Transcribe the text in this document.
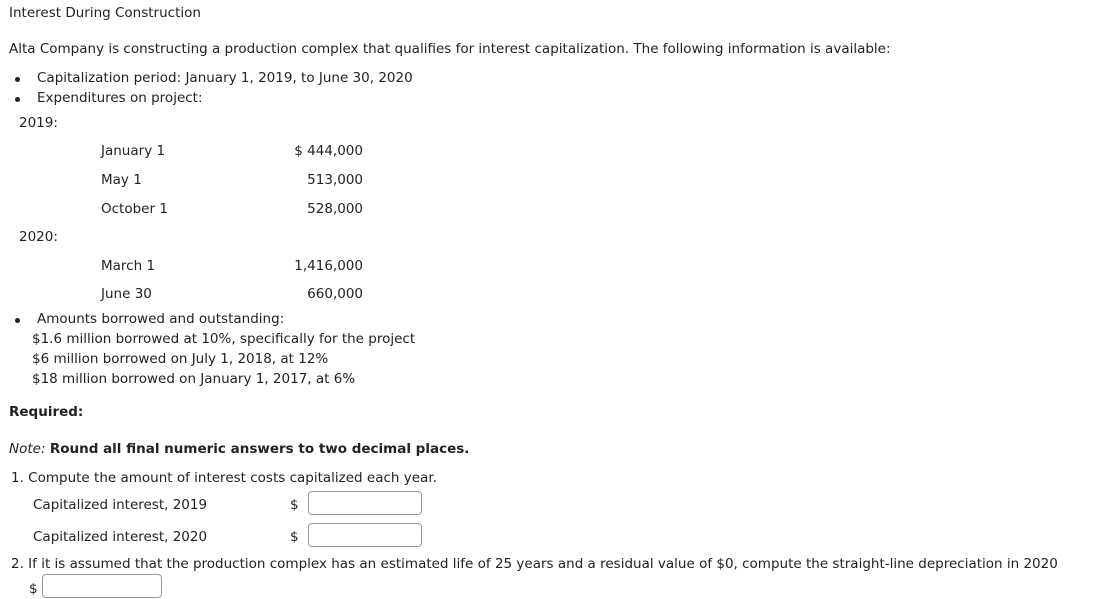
Interest During Construction
Alta Company is constructing a production complex that qualifies for interest capitalization. The following information is available:
Capitalization period: January 1, 2019, to June 30, 2020
Expenditures on project:
2019:
January 1	$ 444,000
May 1	513,000
October 1	528,000
2020:
March 1	1,416,000
June 30	660,000
Amounts borrowed and outstanding:
$1.6 million borrowed at 10%, specifically for the project
$6 million borrowed on July 1, 2018, at 12%
$18 million borrowed on January 1, 2017, at 6%
Required:
Note: Round all final numeric answers to two decimal places.
1. Compute the amount of interest costs capitalized each year.
Capitalized interest, 2019	$
Capitalized interest, 2020	$
2. If it is assumed that the production complex has an estimated life of 25 years and a residual value of $0, compute the straight-line depreciation in 2020
$
